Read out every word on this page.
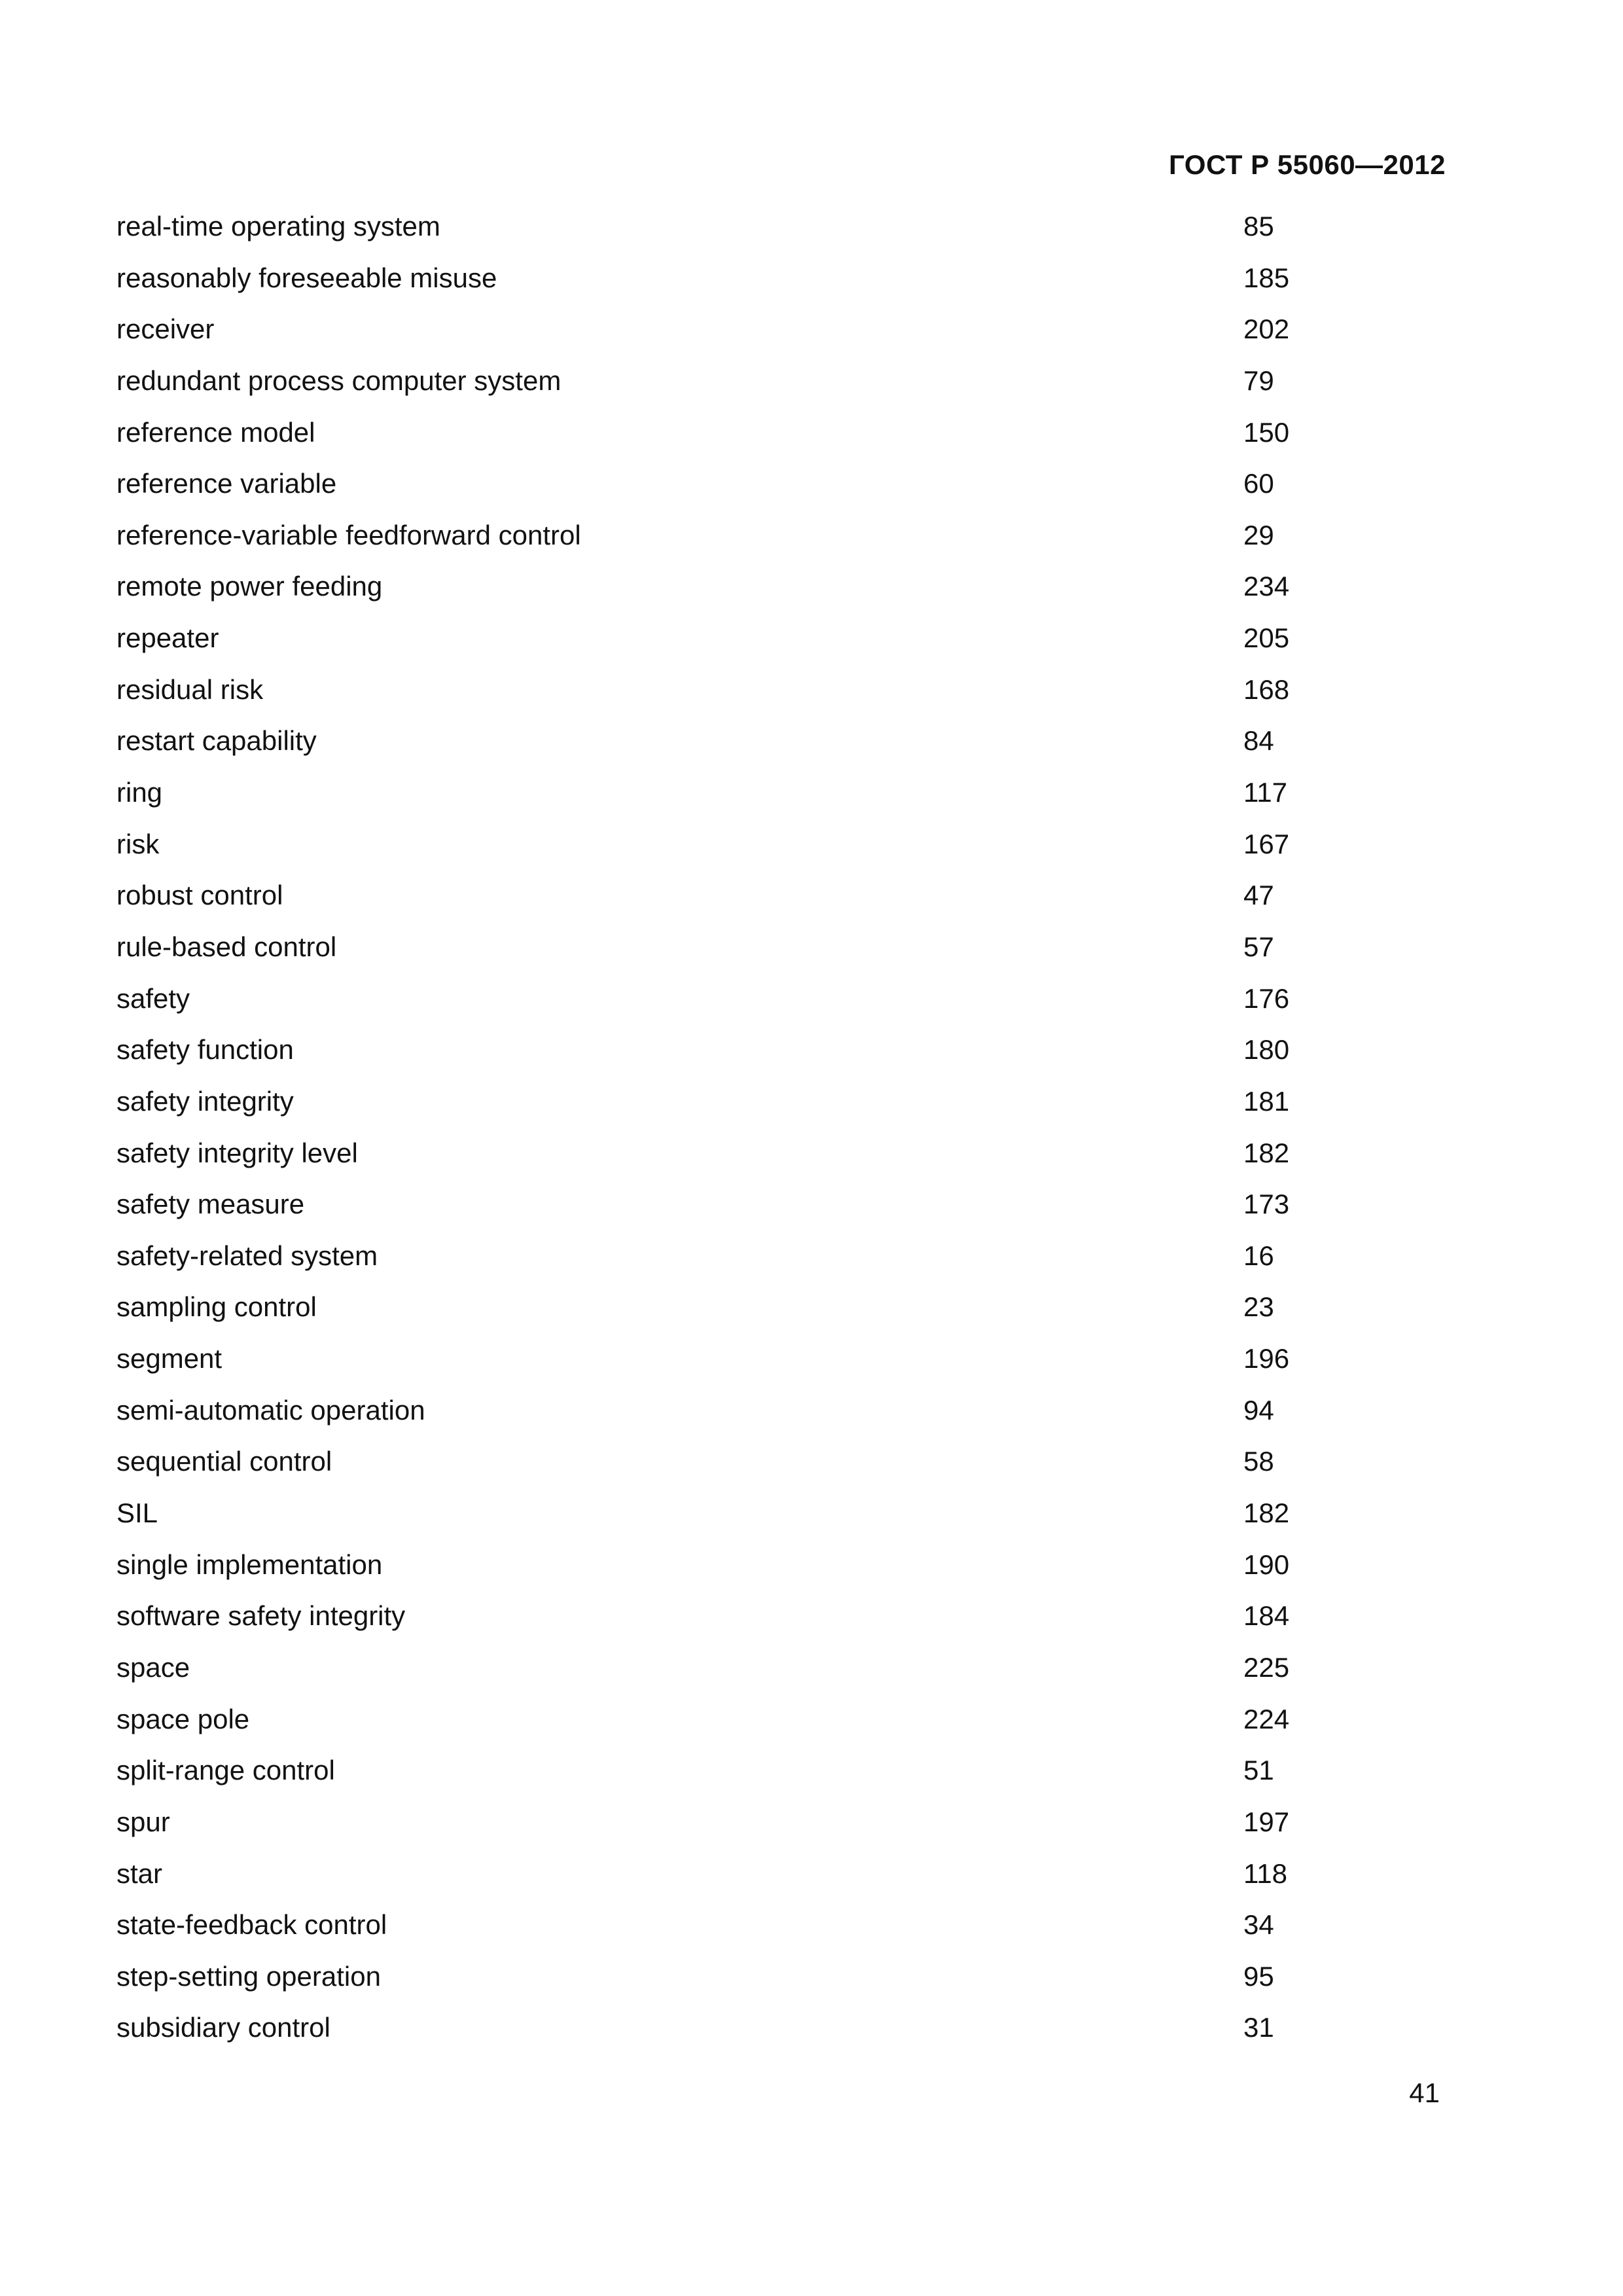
ГОСТ Р 55060—2012
real-time operating system	85
reasonably foreseeable misuse	185
receiver	202
redundant process computer system	79
reference model	150
reference variable	60
reference-variable feedforward control	29
remote power feeding	234
repeater	205
residual risk	168
restart capability	84
ring	117
risk	167
robust control	47
rule-based control	57
safety	176
safety function	180
safety integrity	181
safety integrity level	182
safety measure	173
safety-related system	16
sampling control	23
segment	196
semi-automatic operation	94
sequential control	58
SIL	182
single implementation	190
software safety integrity	184
space	225
space pole	224
split-range control	51
spur	197
star	118
state-feedback control	34
step-setting operation	95
subsidiary control	31
41
